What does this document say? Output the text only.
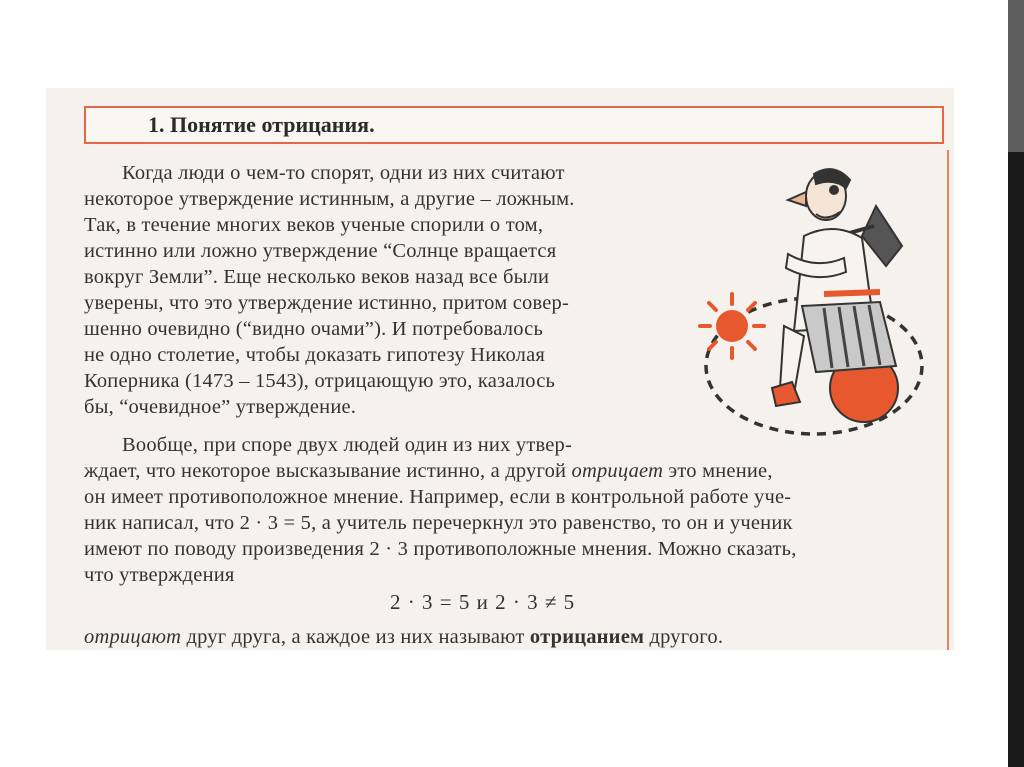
1. Понятие отрицания.
Когда люди о чем-то спорят, одни из них считают
некоторое утверждение истинным, а другие – ложным.
Так, в течение многих веков ученые спорили о том,
истинно или ложно утверждение “Солнце вращается
вокруг Земли”. Еще несколько веков назад все были
уверены, что это утверждение истинно, притом совер-
шенно очевидно (“видно очами”). И потребовалось
не одно столетие, чтобы доказать гипотезу Николая
Коперника (1473 – 1543), отрицающую это, казалось
бы, “очевидное” утверждение.
Вообще, при споре двух людей один из них утвер-
ждает, что некоторое высказывание истинно, а другой отрицает это мнение,
он имеет противоположное мнение. Например, если в контрольной работе учe-
ник написал, что 2 · 3 = 5, а учитель перечеркнул это равенство, то он и ученик
имеют по поводу произведения 2 · 3 противоположные мнения. Можно сказать,
что утверждения
2 · 3 = 5 и 2 · 3 ≠ 5
отрицают друг друга, а каждое из них называют отрицанием другого.
